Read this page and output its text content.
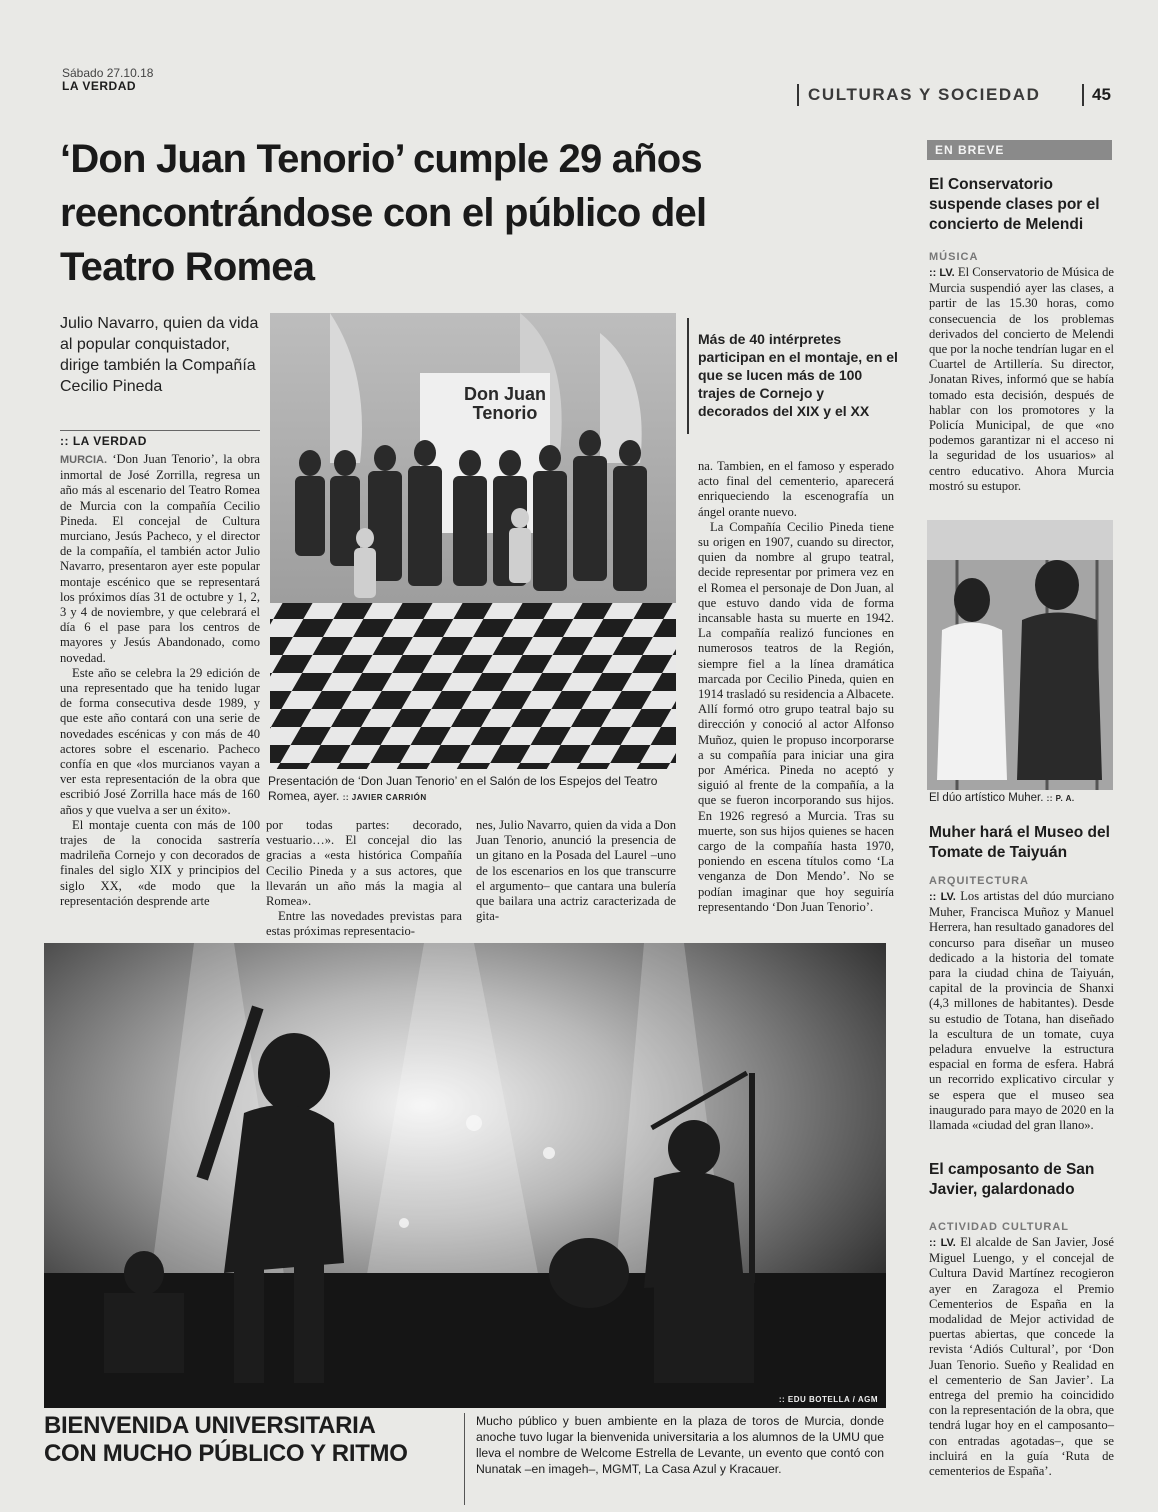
Sábado 27.10.18
LA VERDAD	CULTURAS Y SOCIEDAD	45
‘Don Juan Tenorio’ cumple 29 años reencontrándose con el público del Teatro Romea
Julio Navarro, quien da vida al popular conquistador, dirige también la Compañía Cecilio Pineda
:: LA VERDAD

MURCIA. ‘Don Juan Tenorio’, la obra inmortal de José Zorrilla, regresa un año más al escenario del Teatro Romea de Murcia con la compañía Cecilio Pineda. El concejal de Cultura murciano, Jesús Pacheco, y el director de la compañía, el también actor Julio Navarro, presentaron ayer este popular montaje escénico que se representará los próximos días 31 de octubre y 1, 2, 3 y 4 de noviembre, y que celebrará el día 6 el pase para los centros de mayores y Jesús Abandonado, como novedad.

Este año se celebra la 29 edición de una representado que ha tenido lugar de forma consecutiva desde 1989, y que este año contará con una serie de novedades escénicas y con más de 40 actores sobre el escenario. Pacheco confía en que «los murcianos vayan a ver esta representación de la obra que escribió José Zorrilla hace más de 160 años y que vuelva a ser un éxito».

El montaje cuenta con más de 100 trajes de la conocida sastrería madrileña Cornejo y con decorados de finales del siglo XIX y principios del siglo XX, «de modo que la representación desprende arte

Don Juan
Tenorio
Presentación de ‘Don Juan Tenorio’ en el Salón de los Espejos del Teatro Romea, ayer. :: JAVIER CARRIÓN
Más de 40 intérpretes participan en el montaje, en el que se lucen más de 100 trajes de Cornejo y decorados del XIX y el XX

na. Tambien, en el famoso y esperado acto final del cementerio, aparecerá enriqueciendo la escenografía un ángel orante nuevo.

La Compañía Cecilio Pineda tiene su origen en 1907, cuando su director, quien da nombre al grupo teatral, decide representar por primera vez en el Romea el personaje de Don Juan, al que estuvo dando vida de forma incansable hasta su muerte en 1942. La compañía realizó funciones en numerosos teatros de la Región, siempre fiel a la línea dramática marcada por Cecilio Pineda, quien en 1914 trasladó su residencia a Albacete. Allí formó otro grupo teatral bajo su dirección y conoció al actor Alfonso Muñoz, quien le propuso incorporarse a su compañía para iniciar una gira por América. Pineda no aceptó y siguió al frente de la compañía, a la que se fueron incorporando sus hijos. En 1926 regresó a Murcia. Tras su muerte, son sus hijos quienes se hacen cargo de la compañía hasta 1970, poniendo en escena títulos como ‘La venganza de Don Mendo’. No se podían imaginar que hoy seguiría representando ‘Don Juan Tenorio’.

por todas partes: decorado, vestuario…». El concejal dio las gracias a «esta histórica Compañía Cecilio Pineda y a sus actores, que llevarán un año más la magia al Romea».

Entre las novedades previstas para estas próximas representacio-

nes, Julio Navarro, quien da vida a Don Juan Tenorio, anunció la presencia de un gitano en la Posada del Laurel –uno de los escenarios en los que transcurre el argumento– que cantara una bulería que bailara una actriz caracterizada de gita-

:: EDU BOTELLA / AGM
BIENVENIDA UNIVERSITARIA
CON MUCHO PÚBLICO Y RITMO
Mucho público y buen ambiente en la plaza de toros de Murcia, donde anoche tuvo lugar la bienvenida universitaria a los alumnos de la UMU que lleva el nombre de Welcome Estrella de Levante, un evento que contó con Nunatak –en imageh–, MGMT, La Casa Azul y Kracauer.
EN BREVE
El Conservatorio suspende clases por el concierto de Melendi
MÚSICA

:: LV. El Conservatorio de Música de Murcia suspendió ayer las clases, a partir de las 15.30 horas, como consecuencia de los problemas derivados del concierto de Melendi que por la noche tendrían lugar en el Cuartel de Artillería. Su director, Jonatan Rives, informó que se había tomado esta decisión, después de hablar con los promotores y la Policía Municipal, de que «no podemos garantizar ni el acceso ni la seguridad de los usuarios» al centro educativo. Ahora Murcia mostró su estupor.

El dúo artístico Muher. :: P. A.
Muher hará el Museo del Tomate de Taiyuán
ARQUITECTURA

:: LV. Los artistas del dúo murciano Muher, Francisca Muñoz y Manuel Herrera, han resultado ganadores del concurso para diseñar un museo dedicado a la historia del tomate para la ciudad china de Taiyuán, capital de la provincia de Shanxi (4,3 millones de habitantes). Desde su estudio de Totana, han diseñado la escultura de un tomate, cuya peladura envuelve la estructura espacial en forma de esfera. Habrá un recorrido explicativo circular y se espera que el museo sea inaugurado para mayo de 2020 en la llamada «ciudad del gran llano».

El camposanto de San Javier, galardonado
ACTIVIDAD CULTURAL

:: LV. El alcalde de San Javier, José Miguel Luengo, y el concejal de Cultura David Martínez recogieron ayer en Zaragoza el Premio Cementerios de España en la modalidad de Mejor actividad de puertas abiertas, que concede la revista ‘Adiós Cultural’, por ‘Don Juan Tenorio. Sueño y Realidad en el cementerio de San Javier’. La entrega del premio ha coincidido con la representación de la obra, que tendrá lugar hoy en el camposanto–con entradas agotadas–, que se incluirá en la guía ‘Ruta de cementerios de España’.
